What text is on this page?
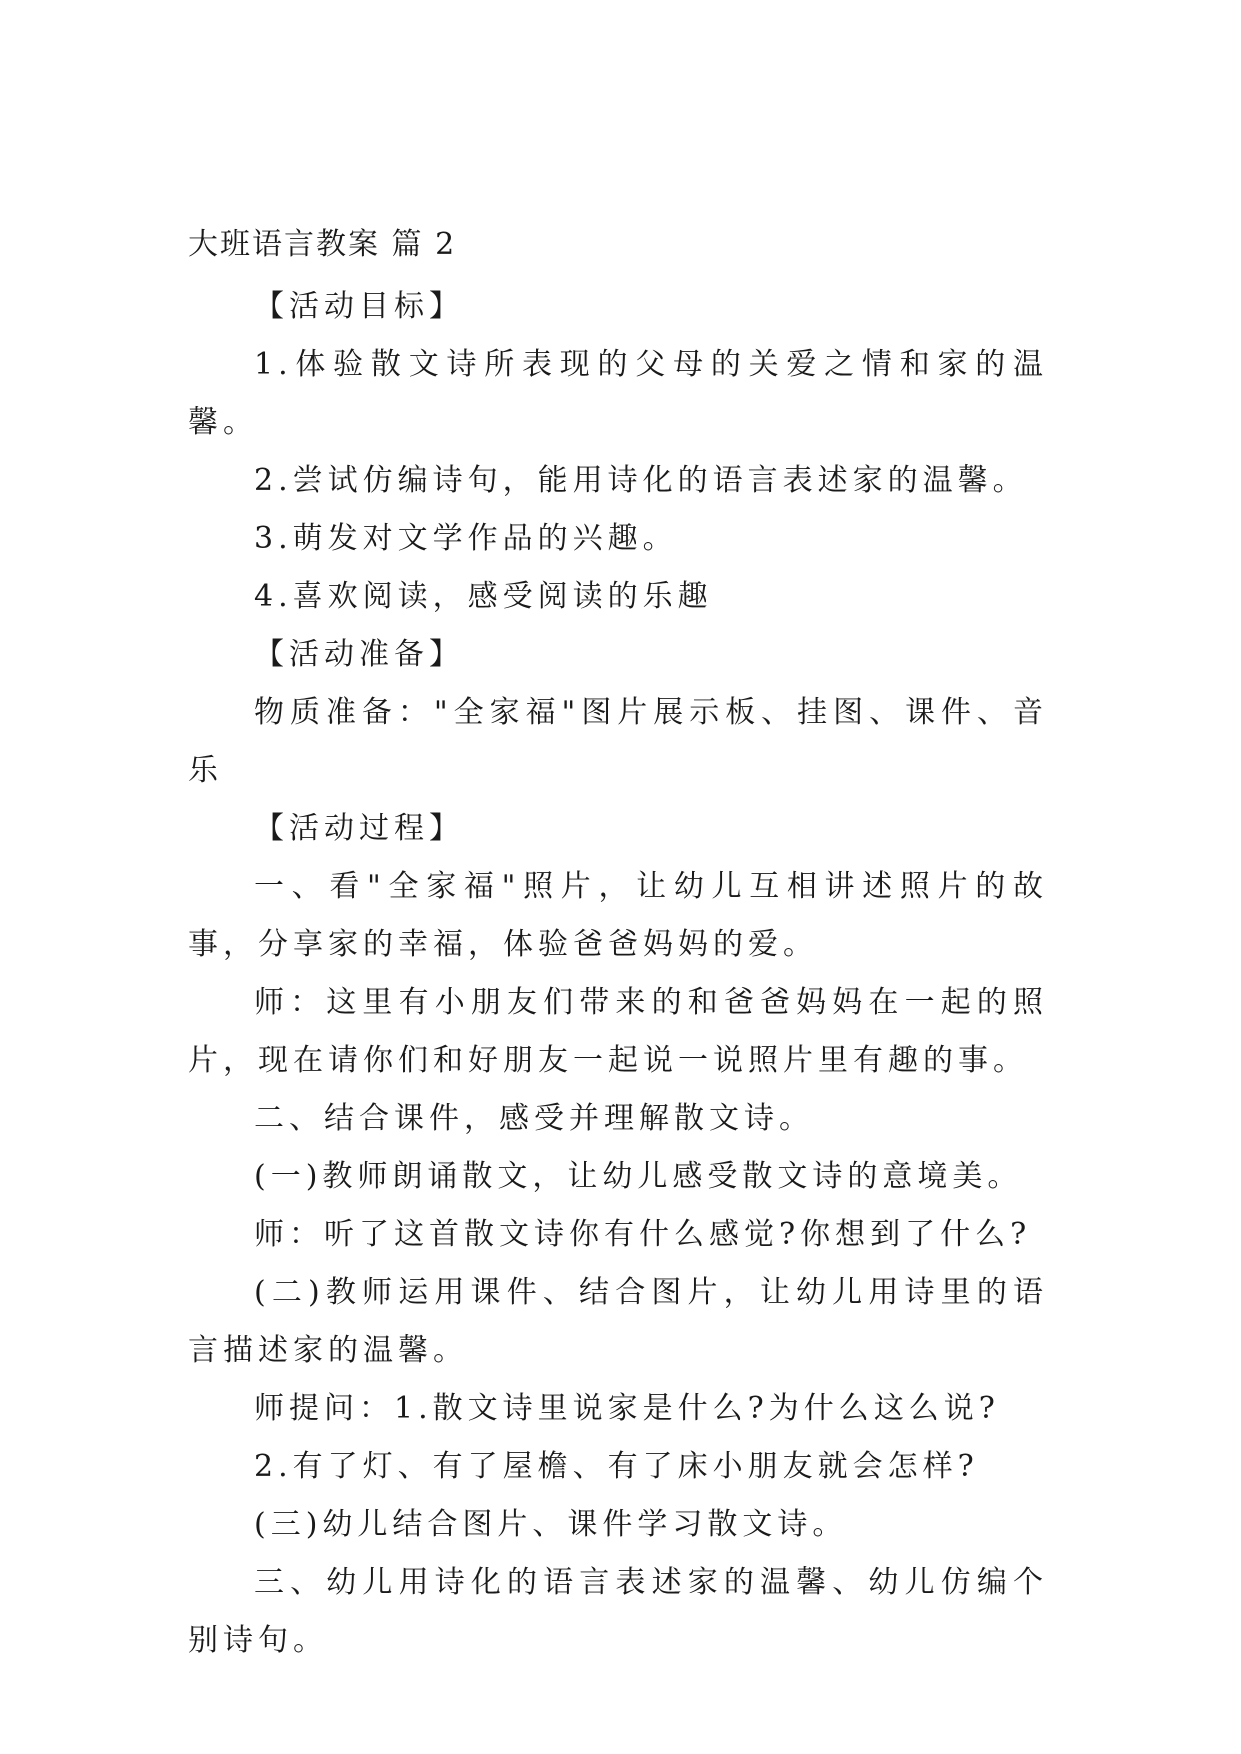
大班语言教案 篇 2

【活动目标】

1.体验散文诗所表现的父母的关爱之情和家的温馨。

2.尝试仿编诗句，能用诗化的语言表述家的温馨。

3.萌发对文学作品的兴趣。

4.喜欢阅读，感受阅读的乐趣

【活动准备】

物质准备："全家福"图片展示板、挂图、课件、音乐

【活动过程】

一、看"全家福"照片，让幼儿互相讲述照片的故事，分享家的幸福，体验爸爸妈妈的爱。

师：这里有小朋友们带来的和爸爸妈妈在一起的照片，现在请你们和好朋友一起说一说照片里有趣的事。

二、结合课件，感受并理解散文诗。

(一)教师朗诵散文，让幼儿感受散文诗的意境美。

师：听了这首散文诗你有什么感觉?你想到了什么?

(二)教师运用课件、结合图片，让幼儿用诗里的语言描述家的温馨。

师提问：1.散文诗里说家是什么?为什么这么说?

2.有了灯、有了屋檐、有了床小朋友就会怎样?

(三)幼儿结合图片、课件学习散文诗。

三、幼儿用诗化的语言表述家的温馨、幼儿仿编个别诗句。
